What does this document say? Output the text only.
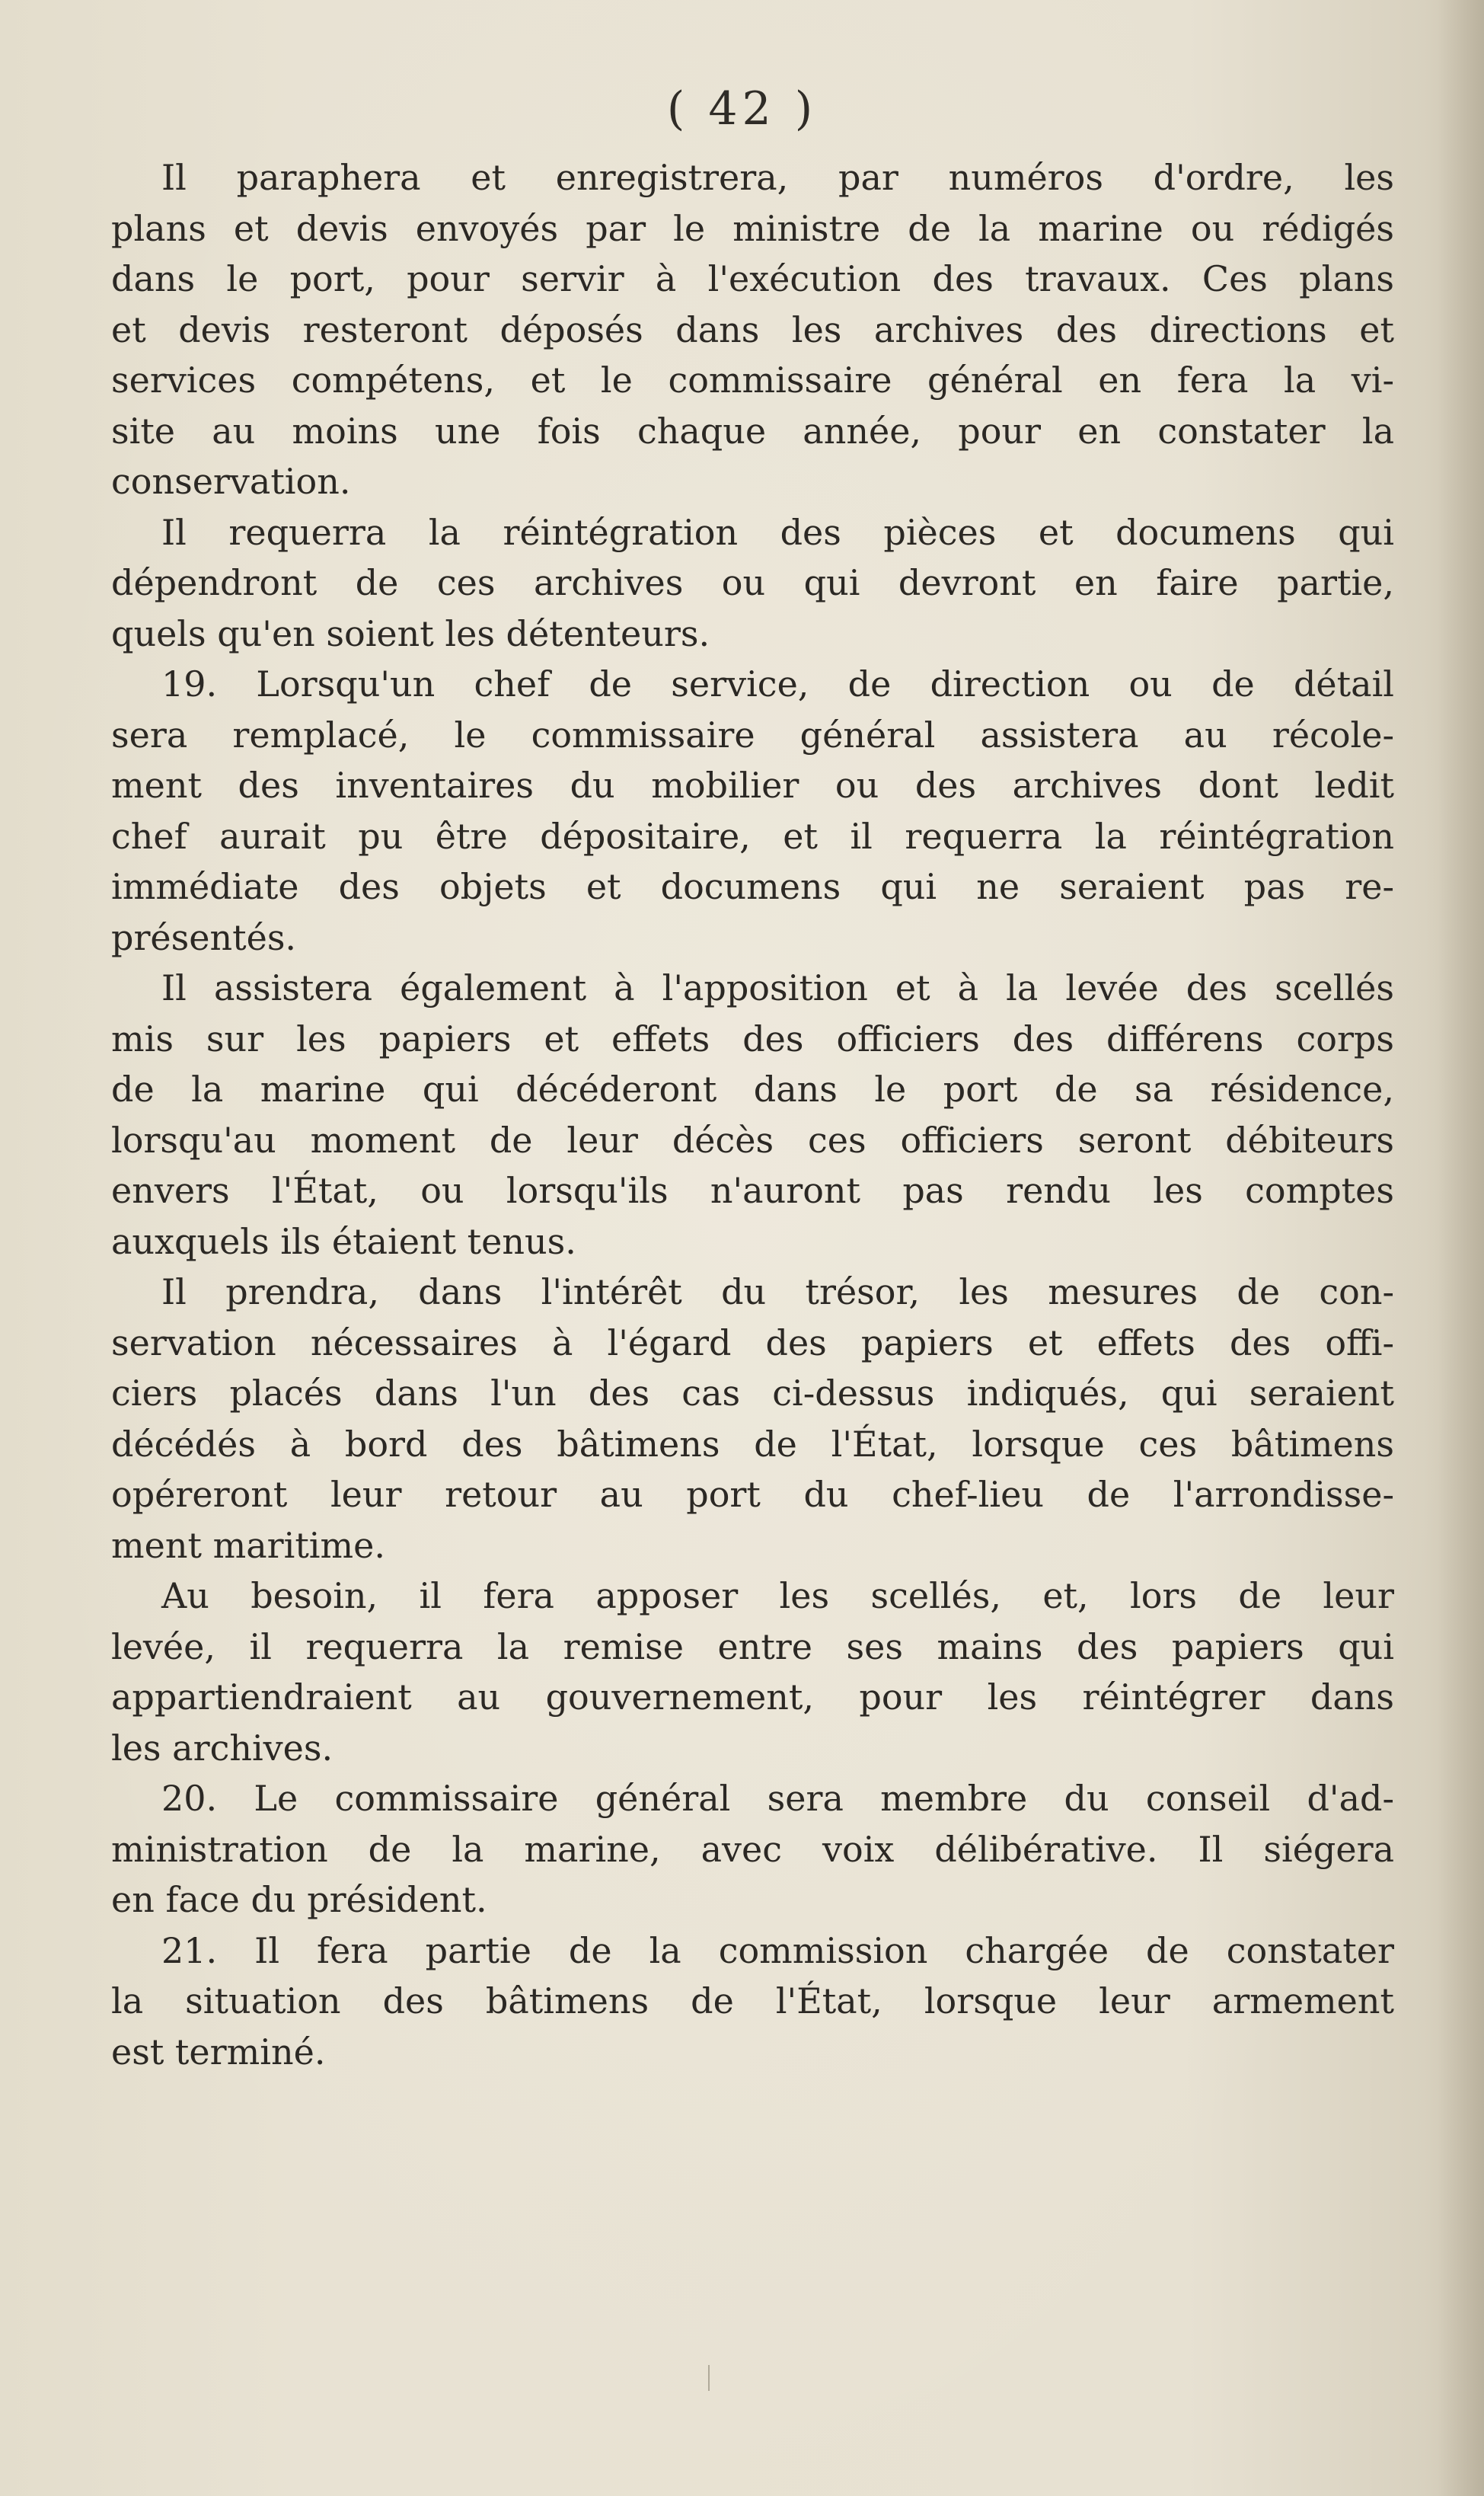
( 42 )
Il paraphera et enregistrera, par numéros d'ordre, les
plans et devis envoyés par le ministre de la marine ou rédigés
dans le port, pour servir à l'exécution des travaux. Ces plans
et devis resteront déposés dans les archives des directions et
services compétens, et le commissaire général en fera la vi-
site au moins une fois chaque année, pour en constater la
conservation.
Il requerra la réintégration des pièces et documens qui
dépendront de ces archives ou qui devront en faire partie,
quels qu'en soient les détenteurs.
19. Lorsqu'un chef de service, de direction ou de détail
sera remplacé, le commissaire général assistera au récole-
ment des inventaires du mobilier ou des archives dont ledit
chef aurait pu être dépositaire, et il requerra la réintégration
immédiate des objets et documens qui ne seraient pas re-
présentés.
Il assistera également à l'apposition et à la levée des scellés
mis sur les papiers et effets des officiers des différens corps
de la marine qui décéderont dans le port de sa résidence,
lorsqu'au moment de leur décès ces officiers seront débiteurs
envers l'État, ou lorsqu'ils n'auront pas rendu les comptes
auxquels ils étaient tenus.
Il prendra, dans l'intérêt du trésor, les mesures de con-
servation nécessaires à l'égard des papiers et effets des offi-
ciers placés dans l'un des cas ci-dessus indiqués, qui seraient
décédés à bord des bâtimens de l'État, lorsque ces bâtimens
opéreront leur retour au port du chef-lieu de l'arrondisse-
ment maritime.
Au besoin, il fera apposer les scellés, et, lors de leur
levée, il requerra la remise entre ses mains des papiers qui
appartiendraient au gouvernement, pour les réintégrer dans
les archives.
20. Le commissaire général sera membre du conseil d'ad-
ministration de la marine, avec voix délibérative. Il siégera
en face du président.
21. Il fera partie de la commission chargée de constater
la situation des bâtimens de l'État, lorsque leur armement
est terminé.
